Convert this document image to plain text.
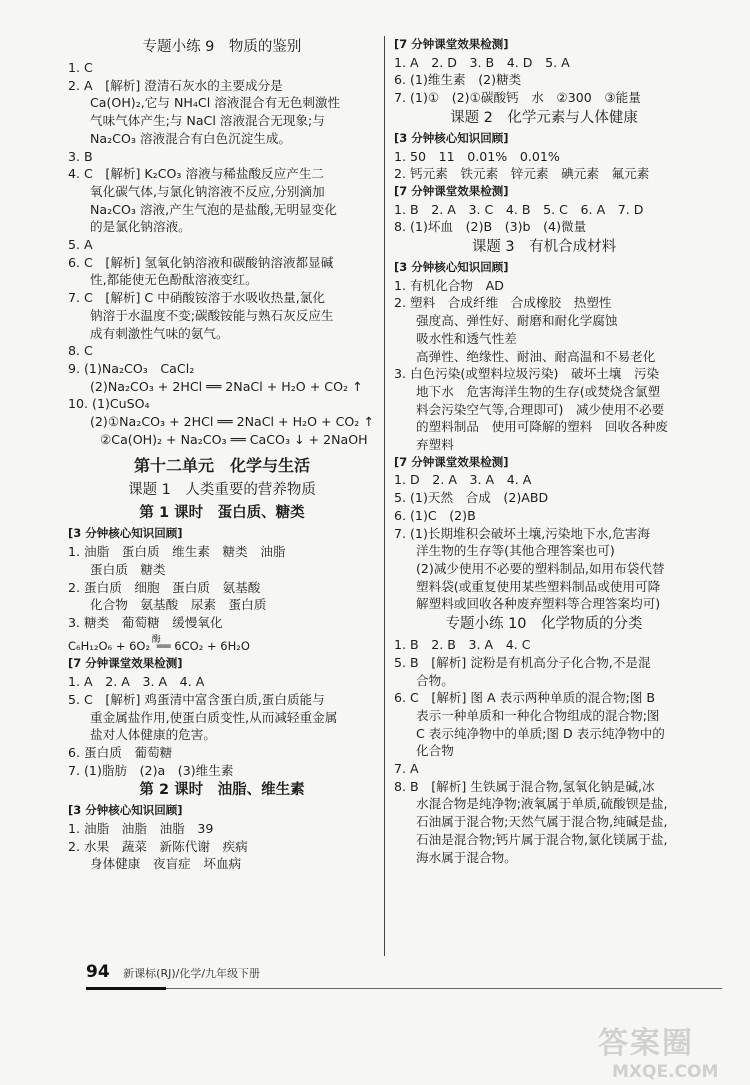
专题小练 9　物质的鉴别
1. C
2. A　[解析] 澄清石灰水的主要成分是
Ca(OH)₂,它与 NH₄Cl 溶液混合有无色刺激性
气味气体产生;与 NaCl 溶液混合无现象;与
Na₂CO₃ 溶液混合有白色沉淀生成。
3. B
4. C　[解析] K₂CO₃ 溶液与稀盐酸反应产生二
氧化碳气体,与氯化钠溶液不反应,分别滴加
Na₂CO₃ 溶液,产生气泡的是盐酸,无明显变化
的是氯化钠溶液。
5. A
6. C　[解析] 氢氧化钠溶液和碳酸钠溶液都显碱
性,都能使无色酚酞溶液变红。
7. C　[解析] C 中硝酸铵溶于水吸收热量,氯化
钠溶于水温度不变;碳酸铵能与熟石灰反应生
成有刺激性气味的氨气。
8. C
9. (1)Na₂CO₃　CaCl₂
(2)Na₂CO₃ + 2HCl ══ 2NaCl + H₂O + CO₂ ↑
10. (1)CuSO₄
(2)①Na₂CO₃ + 2HCl ══ 2NaCl + H₂O + CO₂ ↑
②Ca(OH)₂ + Na₂CO₃ ══ CaCO₃ ↓ + 2NaOH
第十二单元　化学与生活
课题 1　人类重要的营养物质
第 1 课时　蛋白质、糖类
[3 分钟核心知识回顾]
1. 油脂　蛋白质　维生素　糖类　油脂
蛋白质　糖类
2. 蛋白质　细胞　蛋白质　氨基酸
化合物　氨基酸　尿素　蛋白质
3. 糖类　葡萄糖　缓慢氧化
C₆H₁₂O₆ + 6O₂ $^酶$══ 6CO₂ + 6H₂O
[7 分钟课堂效果检测]
1. A　2. A　3. A　4. A
5. C　[解析] 鸡蛋清中富含蛋白质,蛋白质能与
重金属盐作用,使蛋白质变性,从而减轻重金属
盐对人体健康的危害。
6. 蛋白质　葡萄糖
7. (1)脂肪　(2)a　(3)维生素
第 2 课时　油脂、维生素
[3 分钟核心知识回顾]
1. 油脂　油脂　油脂　39
2. 水果　蔬菜　新陈代谢　疾病
身体健康　夜盲症　坏血病
[7 分钟课堂效果检测]
1. A　2. D　3. B　4. D　5. A
6. (1)维生素　(2)糖类
7. (1)①　(2)①碳酸钙　水　②300　③能量
课题 2　化学元素与人体健康
[3 分钟核心知识回顾]
1. 50　11　0.01%　0.01%
2. 钙元素　铁元素　锌元素　碘元素　氟元素
[7 分钟课堂效果检测]
1. B　2. A　3. C　4. B　5. C　6. A　7. D
8. (1)坏血　(2)B　(3)b　(4)微量
课题 3　有机合成材料
[3 分钟核心知识回顾]
1. 有机化合物　AD
2. 塑料　合成纤维　合成橡胶　热塑性
强度高、弹性好、耐磨和耐化学腐蚀
吸水性和透气性差
高弹性、绝缘性、耐油、耐高温和不易老化
3. 白色污染(或塑料垃圾污染)　破坏土壤　污染
地下水　危害海洋生物的生存(或焚烧含氯塑
料会污染空气等,合理即可)　减少使用不必要
的塑料制品　使用可降解的塑料　回收各种废
弃塑料
[7 分钟课堂效果检测]
1. D　2. A　3. A　4. A
5. (1)天然　合成　(2)ABD
6. (1)C　(2)B
7. (1)长期堆积会破坏土壤,污染地下水,危害海
洋生物的生存等(其他合理答案也可)
(2)减少使用不必要的塑料制品,如用布袋代替
塑料袋(或重复使用某些塑料制品或使用可降
解塑料或回收各种废弃塑料等合理答案均可)
专题小练 10　化学物质的分类
1. B　2. B　3. A　4. C
5. B　[解析] 淀粉是有机高分子化合物,不是混
合物。
6. C　[解析] 图 A 表示两种单质的混合物;图 B
表示一种单质和一种化合物组成的混合物;图
C 表示纯净物中的单质;图 D 表示纯净物中的
化合物
7. A
8. B　[解析] 生铁属于混合物,氢氧化钠是碱,冰
水混合物是纯净物;液氧属于单质,硫酸钡是盐,
石油属于混合物;天然气属于混合物,纯碱是盐,
石油是混合物;钙片属于混合物,氯化镁属于盐,
海水属于混合物。
94 新课标(RJ)/化学/九年级下册
答案圈
MXQE.COM
